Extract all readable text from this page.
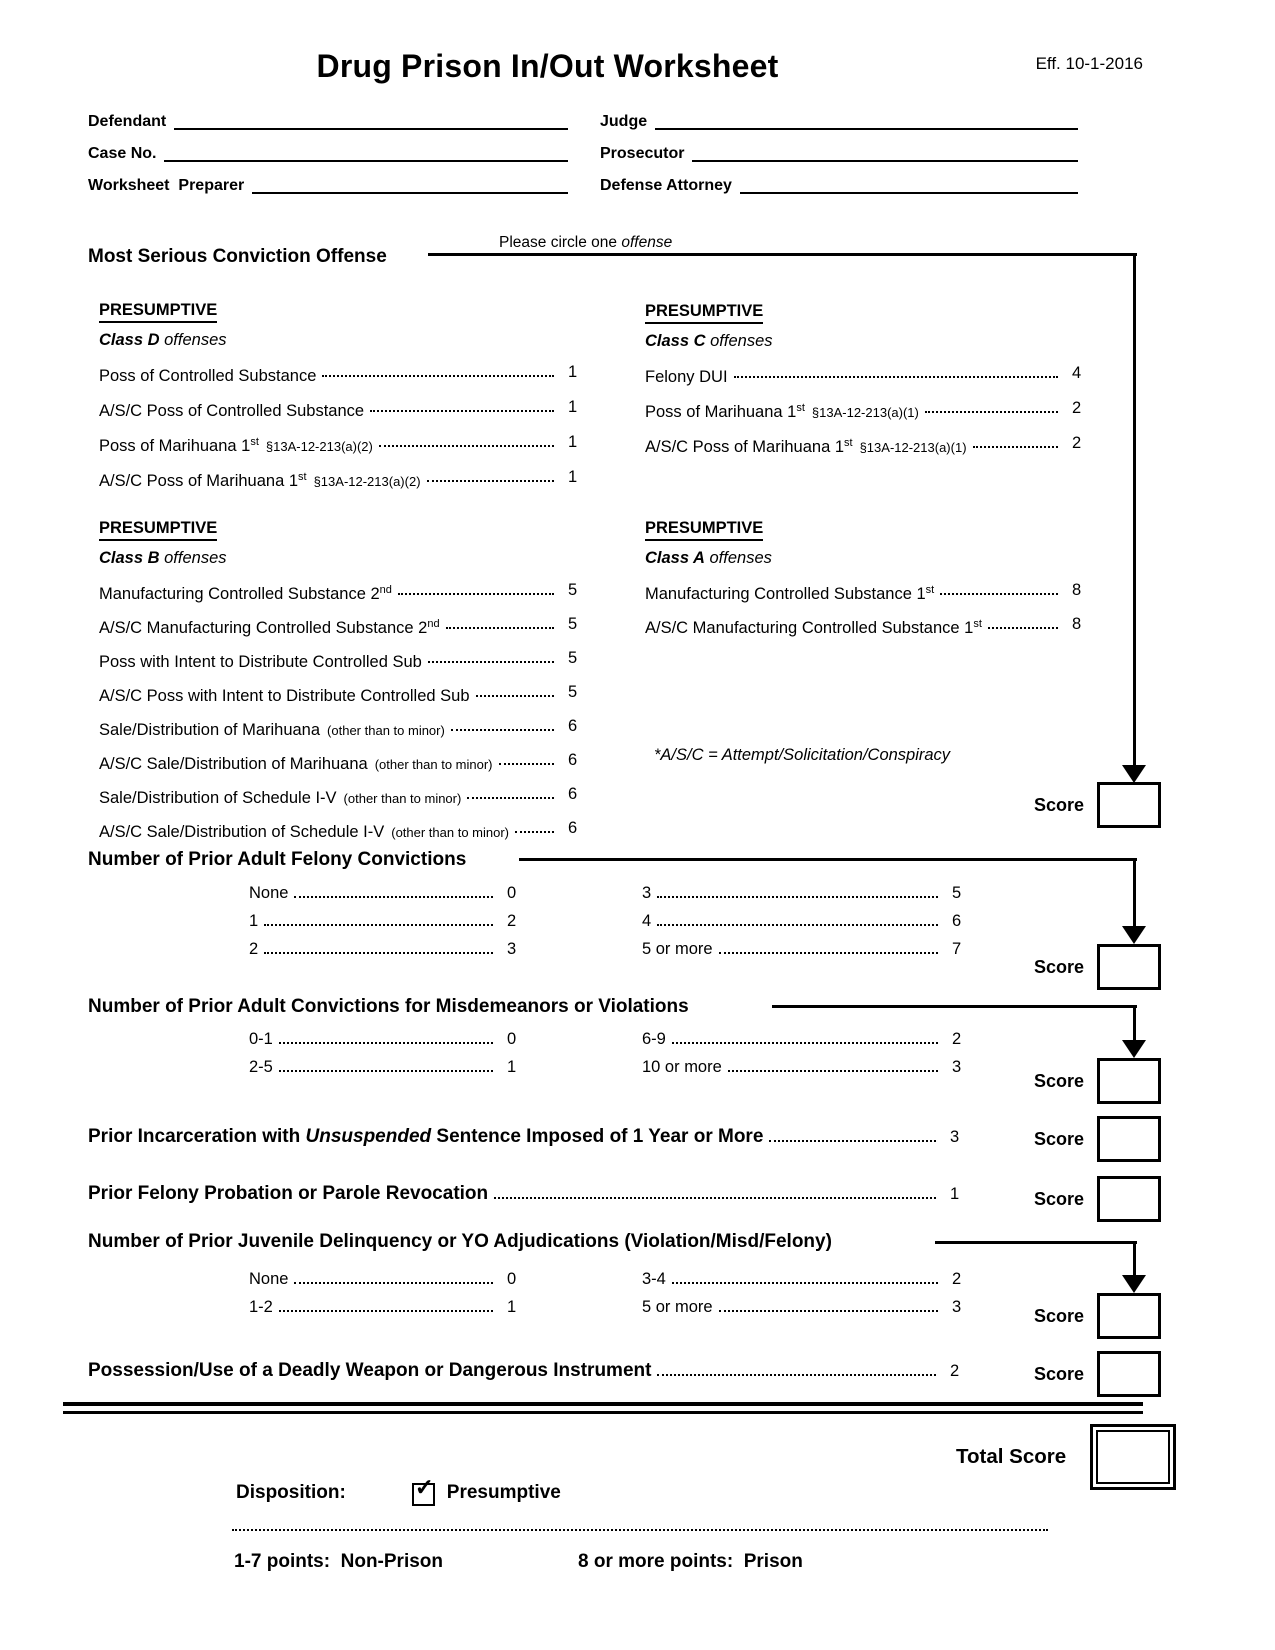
Drug Prison In/Out Worksheet	Eff. 10-1-2016
Defendant
Case No.
Worksheet  Preparer
Judge
Prosecutor
Defense Attorney
Most Serious Conviction Offense
Please circle one offense
PRESUMPTIVE
Class D offenses
Poss of Controlled Substance	1
A/S/C Poss of Controlled Substance	1
Poss of Marihuana 1st §13A-12-213(a)(2)	1
A/S/C Poss of Marihuana 1st §13A-12-213(a)(2)	1
PRESUMPTIVE
Class C offenses
Felony DUI	4
Poss of Marihuana 1st §13A-12-213(a)(1)	2
A/S/C Poss of Marihuana 1st §13A-12-213(a)(1)	2
PRESUMPTIVE
Class B offenses
Manufacturing Controlled Substance 2nd	5
A/S/C Manufacturing Controlled Substance 2nd	5
Poss with Intent to Distribute Controlled Sub	5
A/S/C Poss with Intent to Distribute Controlled Sub	5
Sale/Distribution of Marihuana (other than to minor)	6
A/S/C Sale/Distribution of Marihuana (other than to minor)	6
Sale/Distribution of Schedule I-V (other than to minor)	6
A/S/C Sale/Distribution of Schedule I-V (other than to minor)	6
PRESUMPTIVE
Class A offenses
Manufacturing Controlled Substance 1st	8
A/S/C Manufacturing Controlled Substance 1st	8
*A/S/C = Attempt/Solicitation/Conspiracy
Score
Number of Prior Adult Felony Convictions
None	0	3	5
1	2	4	6
2	3	5 or more	7
Score
Number of Prior Adult Convictions for Misdemeanors or Violations
0-1	0	6-9	2
2-5	1	10 or more	3
Score
Prior Incarceration with Unsuspended Sentence Imposed of 1 Year or More	3	Score
Prior Felony Probation or Parole Revocation	1	Score
Number of Prior Juvenile Delinquency or YO Adjudications (Violation/Misd/Felony)
None	0	3-4	2
1-2	1	5 or more	3	Score
Possession/Use of a Deadly Weapon or Dangerous Instrument	2	Score
Total Score
Disposition:	✓ Presumptive
1-7 points:  Non-Prison	8 or more points:  Prison
